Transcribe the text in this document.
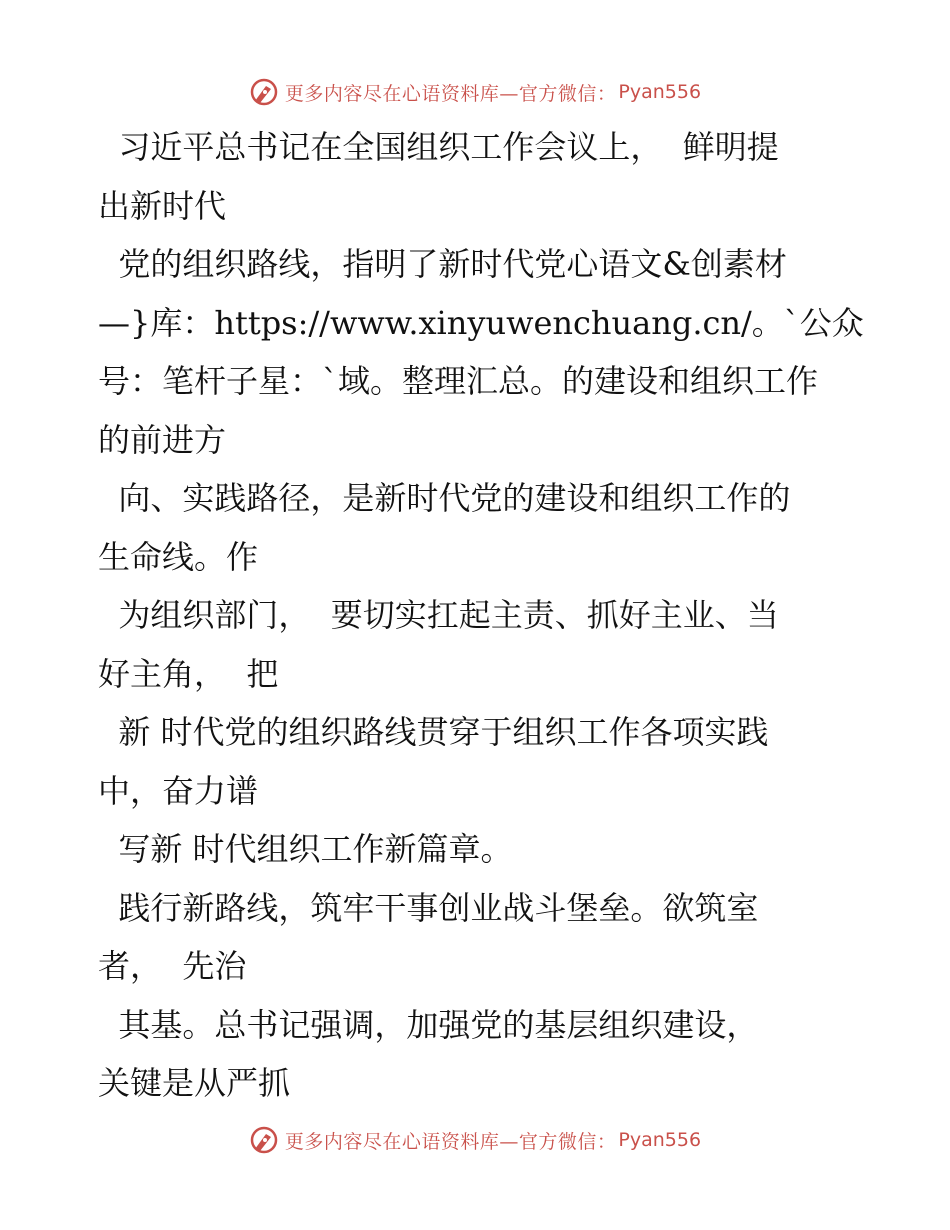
更多内容尽在心语资料库—官方微信： Pyan556
习近平总书记在全国组织工作会议上，  鲜明提
出新时代
党的组织路线，指明了新时代党心语文&创素材
—}库：https://www.xinyuwenchuang.cn/。`公众
号：笔杆子星：`域。整理汇总。的建设和组织工作
的前进方
向、实践路径，是新时代党的建设和组织工作的
生命线。作
为组织部门，  要切实扛起主责、抓好主业、当
好主角，  把
新 时代党的组织路线贯穿于组织工作各项实践
中，奋力谱
写新 时代组织工作新篇章。
践行新路线，筑牢干事创业战斗堡垒。欲筑室
者，  先治
其基。总书记强调，加强党的基层组织建设，
关键是从严抓
更多内容尽在心语资料库—官方微信： Pyan556
